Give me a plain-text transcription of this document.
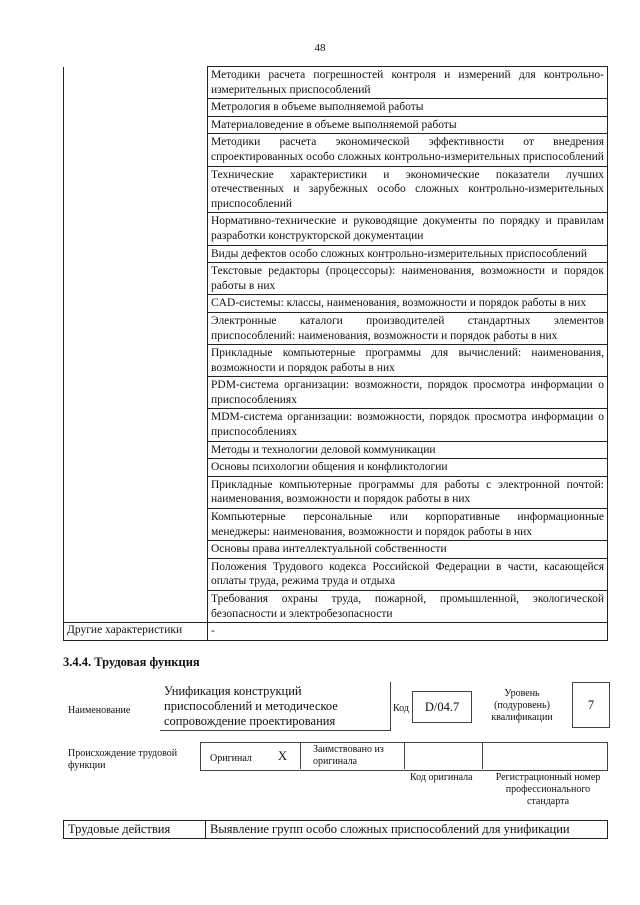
48
	Методики расчета погрешностей контроля и измерений для контрольно-измерительных приспособлений
	Метрология в объеме выполняемой работы
	Материаловедение в объеме выполняемой работы
	Методики расчета экономической эффективности от внедрения спроектированных особо сложных контрольно-измерительных приспособлений
	Технические характеристики и экономические показатели лучших отечественных и зарубежных особо сложных контрольно-измерительных приспособлений
	Нормативно-технические и руководящие документы по порядку и правилам разработки конструкторской документации
	Виды дефектов особо сложных контрольно-измерительных приспособлений
	Текстовые редакторы (процессоры): наименования, возможности и порядок работы в них
	CAD-системы: классы, наименования, возможности и порядок работы в них
	Электронные каталоги производителей стандартных элементов приспособлений: наименования, возможности и порядок работы в них
	Прикладные компьютерные программы для вычислений: наименования, возможности и порядок работы в них
	PDM-система организации: возможности, порядок просмотра информации о приспособлениях
	MDM-система организации: возможности, порядок просмотра информации о приспособлениях
	Методы и технологии деловой коммуникации
	Основы психологии общения и конфликтологии
	Прикладные компьютерные программы для работы с электронной почтой: наименования, возможности и порядок работы в них
	Компьютерные персональные или корпоративные информационные менеджеры: наименования, возможности и порядок работы в них
	Основы права интеллектуальной собственности
	Положения Трудового кодекса Российской Федерации в части, касающейся оплаты труда, режима труда и отдыха
	Требования охраны труда, пожарной, промышленной, экологической безопасности и электробезопасности
Другие характеристики	-
3.4.4. Трудовая функция
Наименование
Унификация конструкций приспособлений и методическое сопровождение проектирования
Код	D/04.7
Уровень (подуровень) квалификации
7
Происхождение трудовой функции
Оригинал X	Заимствовано из оригинала
Код оригинала	Регистрационный номер профессионального стандарта
Трудовые действия	Выявление групп особо сложных приспособлений для унификации
